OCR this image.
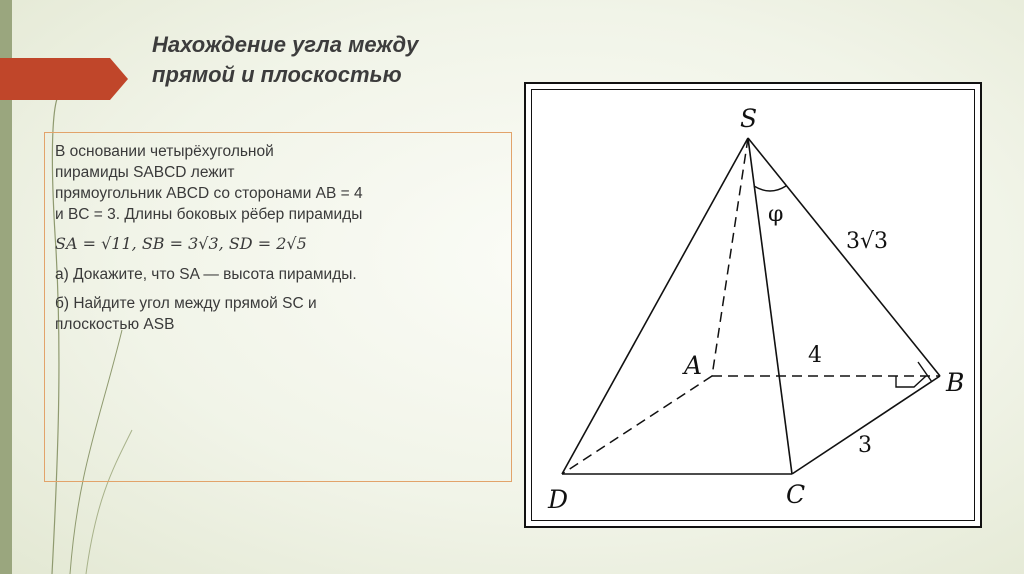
Нахождение угла между
прямой и плоскостью

В основании четырёхугольной

пирамиды SABCD лежит

прямоугольник ABCD со сторонами AB = 4

и BC = 3. Длины боковых рёбер пирамиды

SA = √11, SB = 3√3, SD = 2√5

а) Докажите, что SA — высота пирамиды.

б) Найдите угол между прямой SC и

плоскостью ASB

S
A
B
C
D
4
3
3√3
φ
